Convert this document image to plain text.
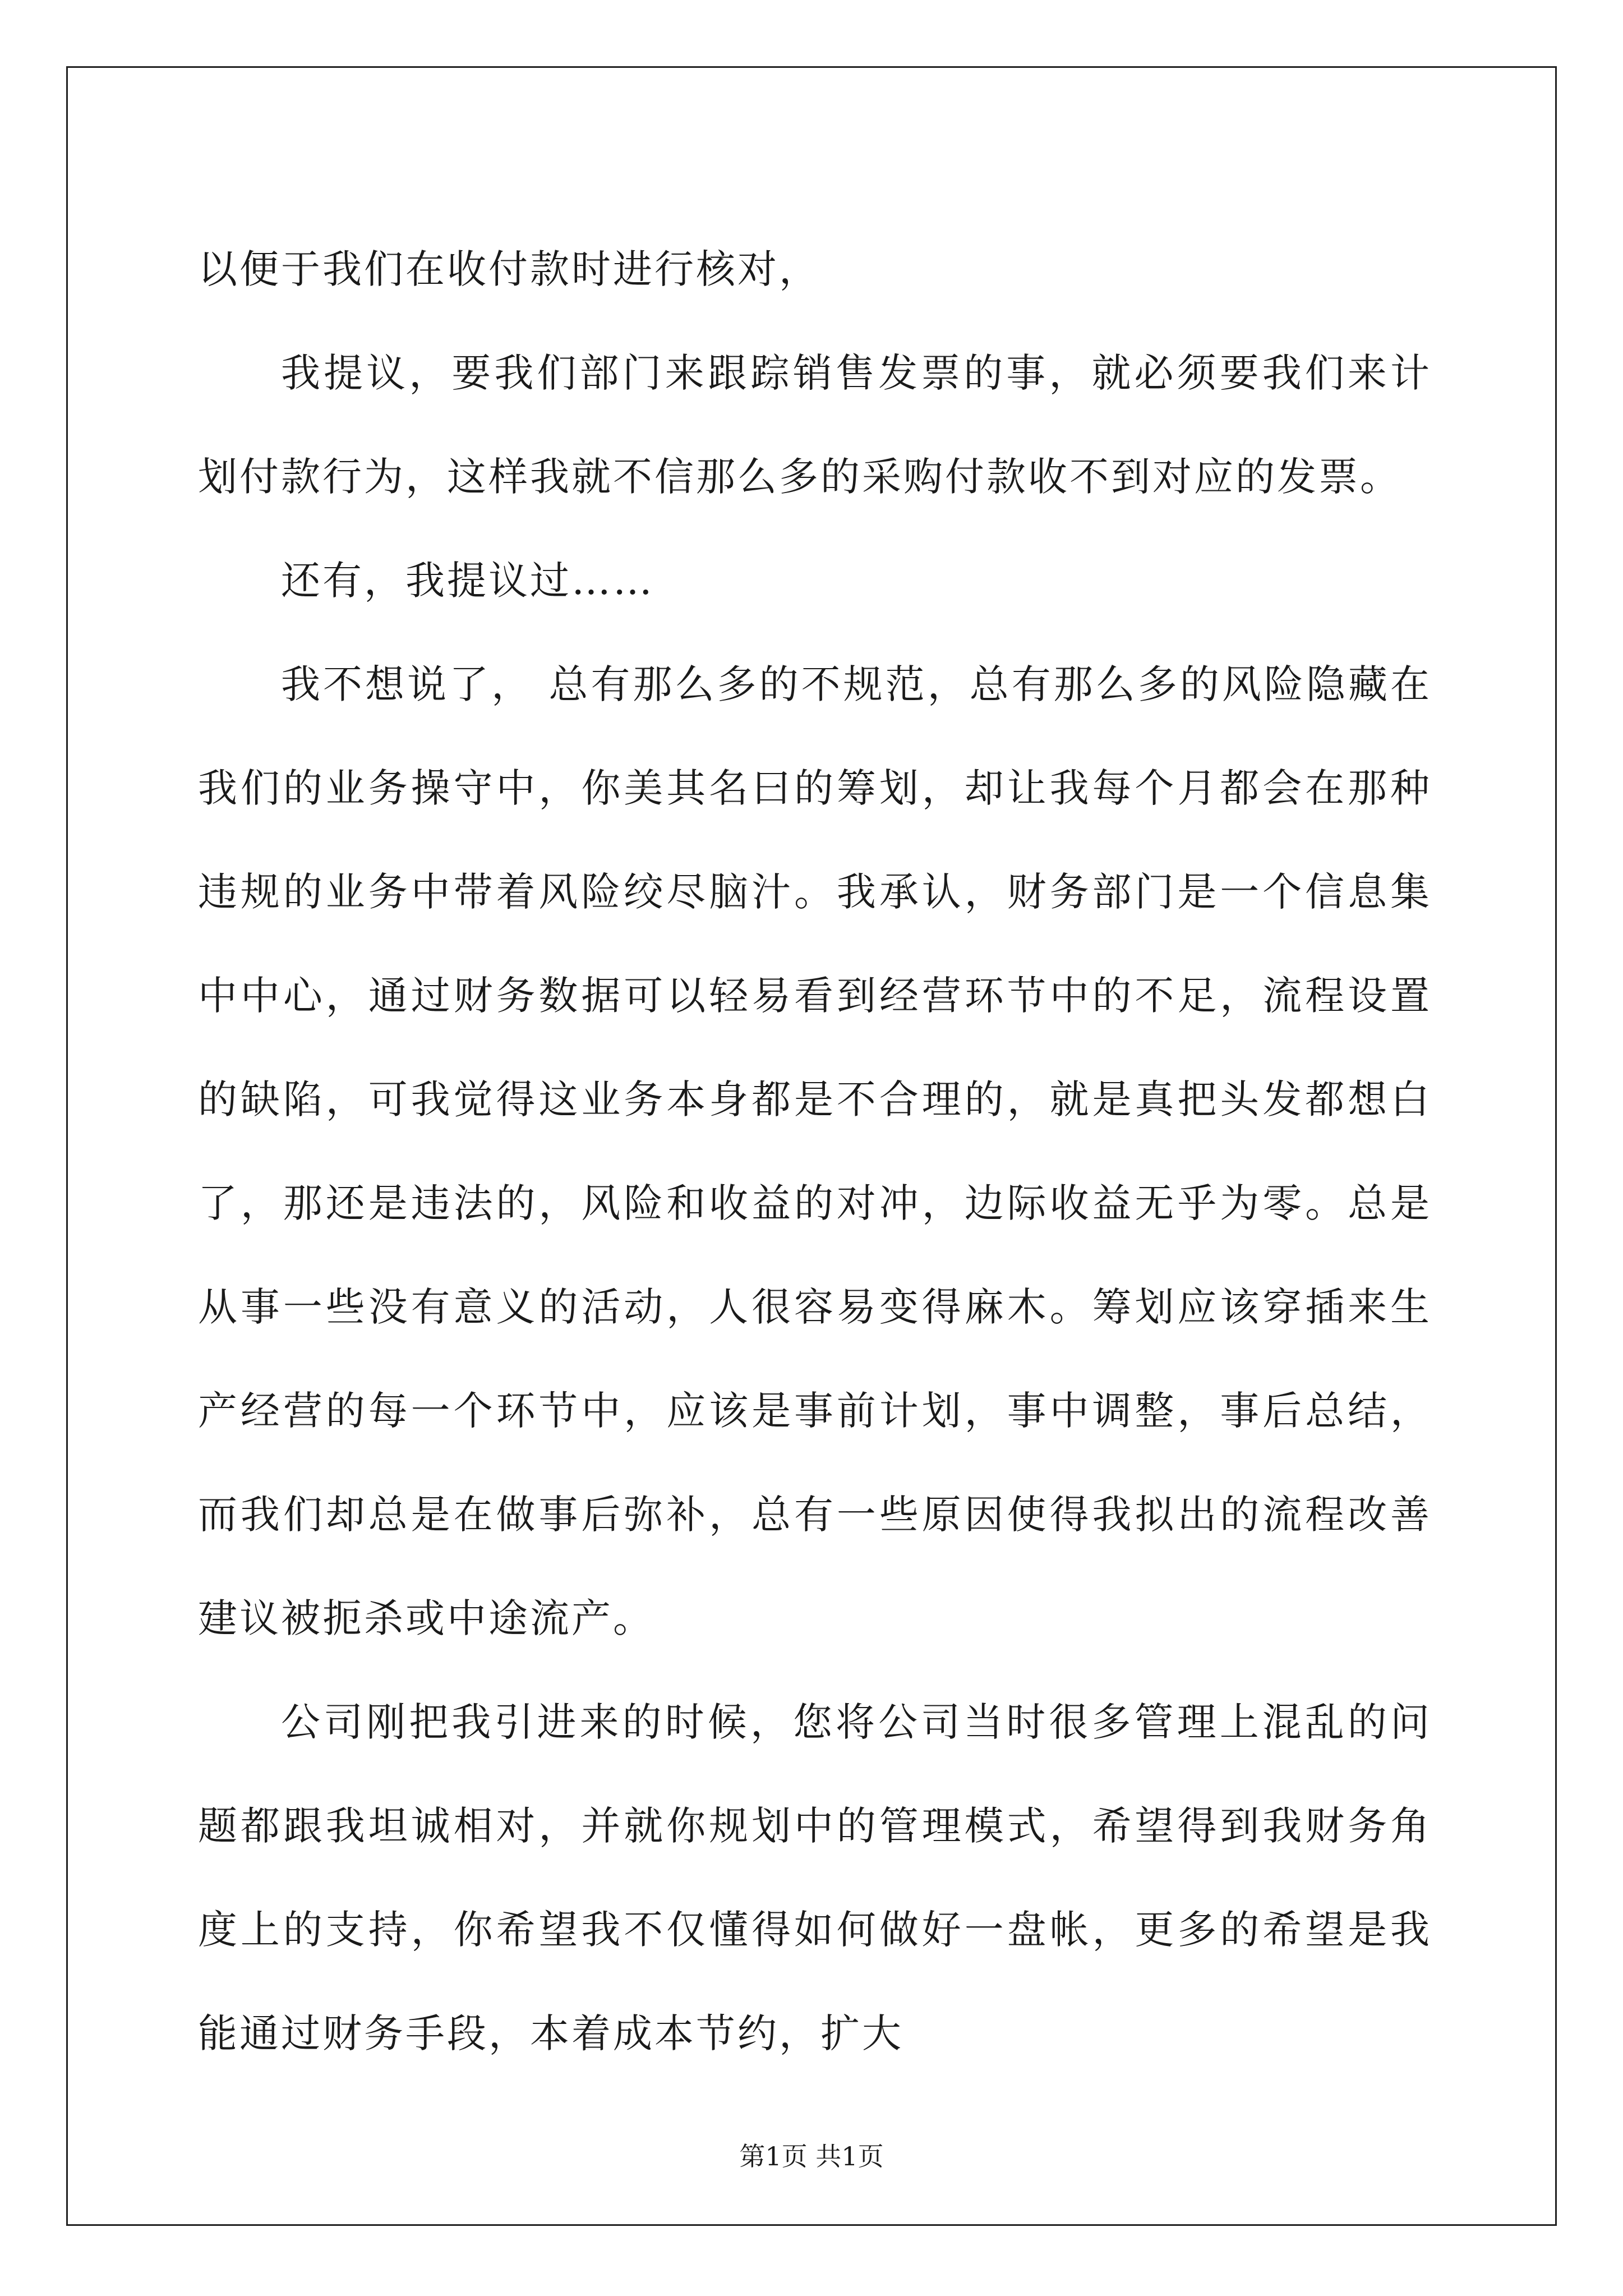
以便于我们在收付款时进行核对，

我提议，要我们部门来跟踪销售发票的事，就必须要我们来计划付款行为，这样我就不信那么多的采购付款收不到对应的发票。

还有，我提议过……

我不想说了， 总有那么多的不规范，总有那么多的风险隐藏在我们的业务操守中，你美其名曰的筹划，却让我每个月都会在那种违规的业务中带着风险绞尽脑汁。我承认，财务部门是一个信息集中中心，通过财务数据可以轻易看到经营环节中的不足，流程设置的缺陷，可我觉得这业务本身都是不合理的，就是真把头发都想白了，那还是违法的，风险和收益的对冲，边际收益无乎为零。总是从事一些没有意义的活动，人很容易变得麻木。筹划应该穿插来生产经营的每一个环节中，应该是事前计划，事中调整，事后总结，而我们却总是在做事后弥补，总有一些原因使得我拟出的流程改善建议被扼杀或中途流产。

公司刚把我引进来的时候，您将公司当时很多管理上混乱的问题都跟我坦诚相对，并就你规划中的管理模式，希望得到我财务角度上的支持，你希望我不仅懂得如何做好一盘帐，更多的希望是我能通过财务手段，本着成本节约，扩大

第1页 共1页
